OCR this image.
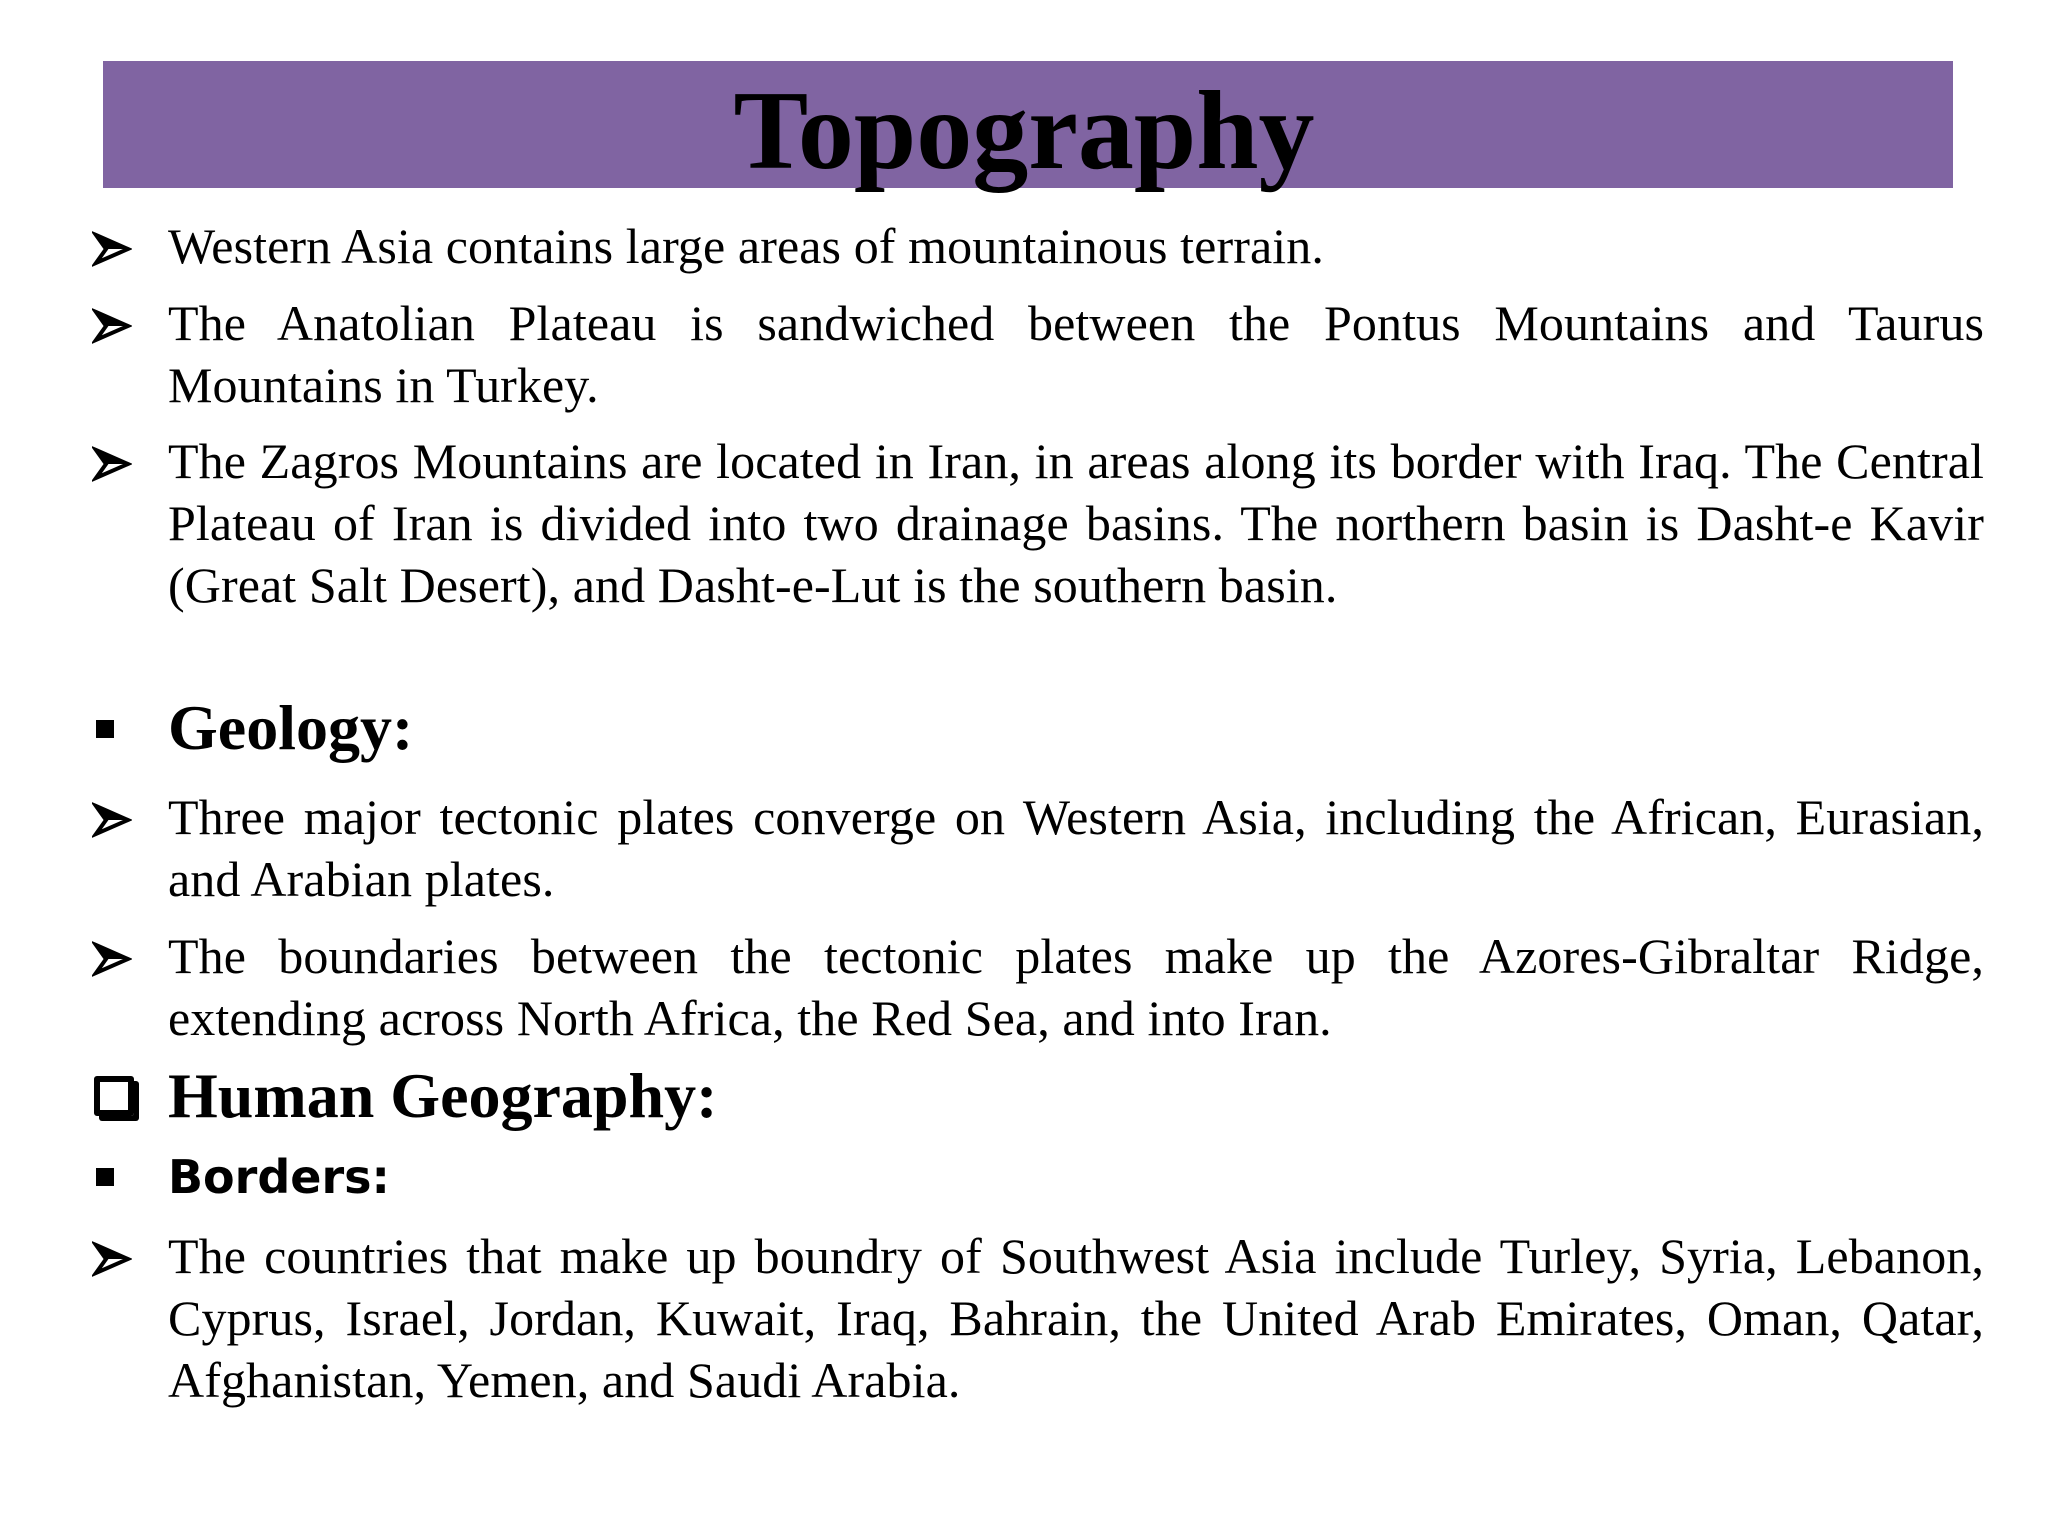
Topography
Western Asia contains large areas of mountainous terrain.
The Anatolian Plateau is sandwiched between the Pontus Mountains and Taurus Mountains in Turkey.
The Zagros Mountains are located in Iran, in areas along its border with Iraq. The Central Plateau of Iran is divided into two drainage basins. The northern basin is Dasht-e Kavir (Great Salt Desert), and Dasht-e-Lut is the southern basin.
Geology:
Three major tectonic plates converge on Western Asia, including the African, Eurasian, and Arabian plates.
The boundaries between the tectonic plates make up the Azores-Gibraltar Ridge, extending across North Africa, the Red Sea, and into Iran.
Human Geography:
Borders:
The countries that make up boundry of Southwest Asia include Turley, Syria, Lebanon, Cyprus, Israel, Jordan, Kuwait, Iraq, Bahrain, the United Arab Emirates, Oman, Qatar, Afghanistan, Yemen, and Saudi Arabia.
